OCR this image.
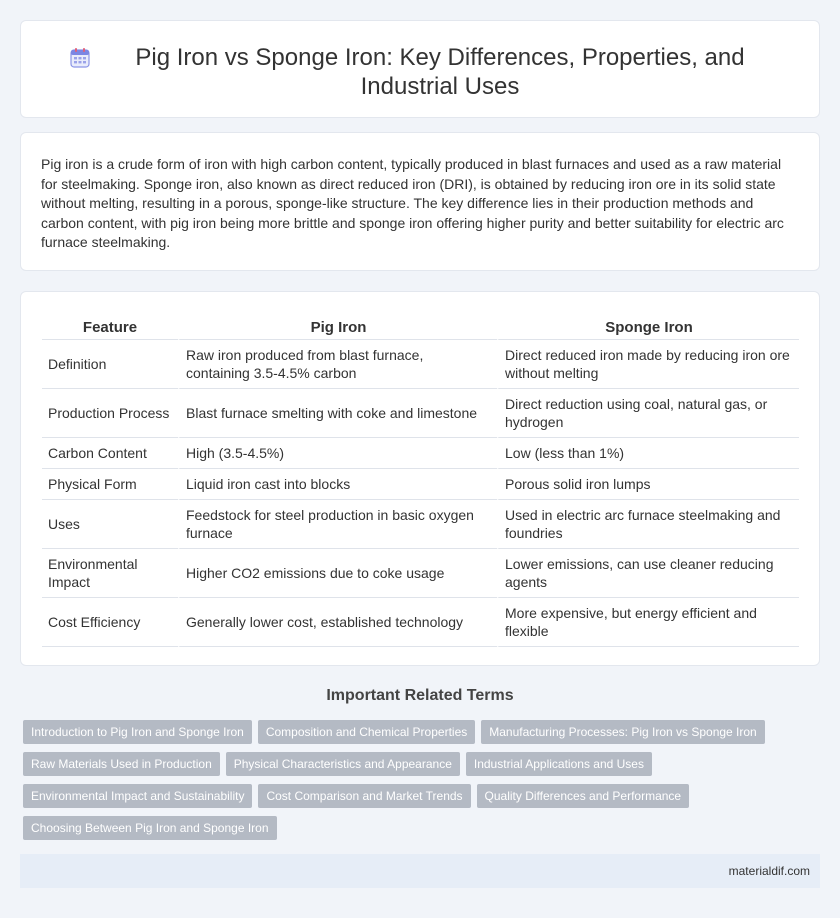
Pig Iron vs Sponge Iron: Key Differences, Properties, and Industrial Uses

Pig iron is a crude form of iron with high carbon content, typically produced in blast furnaces and used as a raw material for steelmaking. Sponge iron, also known as direct reduced iron (DRI), is obtained by reducing iron ore in its solid state without melting, resulting in a porous, sponge-like structure. The key difference lies in their production methods and carbon content, with pig iron being more brittle and sponge iron offering higher purity and better suitability for electric arc furnace steelmaking.

Feature	Pig Iron	Sponge Iron
Definition	Raw iron produced from blast furnace, containing 3.5-4.5% carbon	Direct reduced iron made by reducing iron ore without melting
Production Process	Blast furnace smelting with coke and limestone	Direct reduction using coal, natural gas, or hydrogen
Carbon Content	High (3.5-4.5%)	Low (less than 1%)
Physical Form	Liquid iron cast into blocks	Porous solid iron lumps
Uses	Feedstock for steel production in basic oxygen furnace	Used in electric arc furnace steelmaking and foundries
Environmental Impact	Higher CO2 emissions due to coke usage	Lower emissions, can use cleaner reducing agents
Cost Efficiency	Generally lower cost, established technology	More expensive, but energy efficient and flexible
Important Related Terms
Introduction to Pig Iron and Sponge Iron	Composition and Chemical Properties	Manufacturing Processes: Pig Iron vs Sponge Iron
Raw Materials Used in Production	Physical Characteristics and Appearance	Industrial Applications and Uses
Environmental Impact and Sustainability	Cost Comparison and Market Trends	Quality Differences and Performance
Choosing Between Pig Iron and Sponge Iron
materialdif.com
